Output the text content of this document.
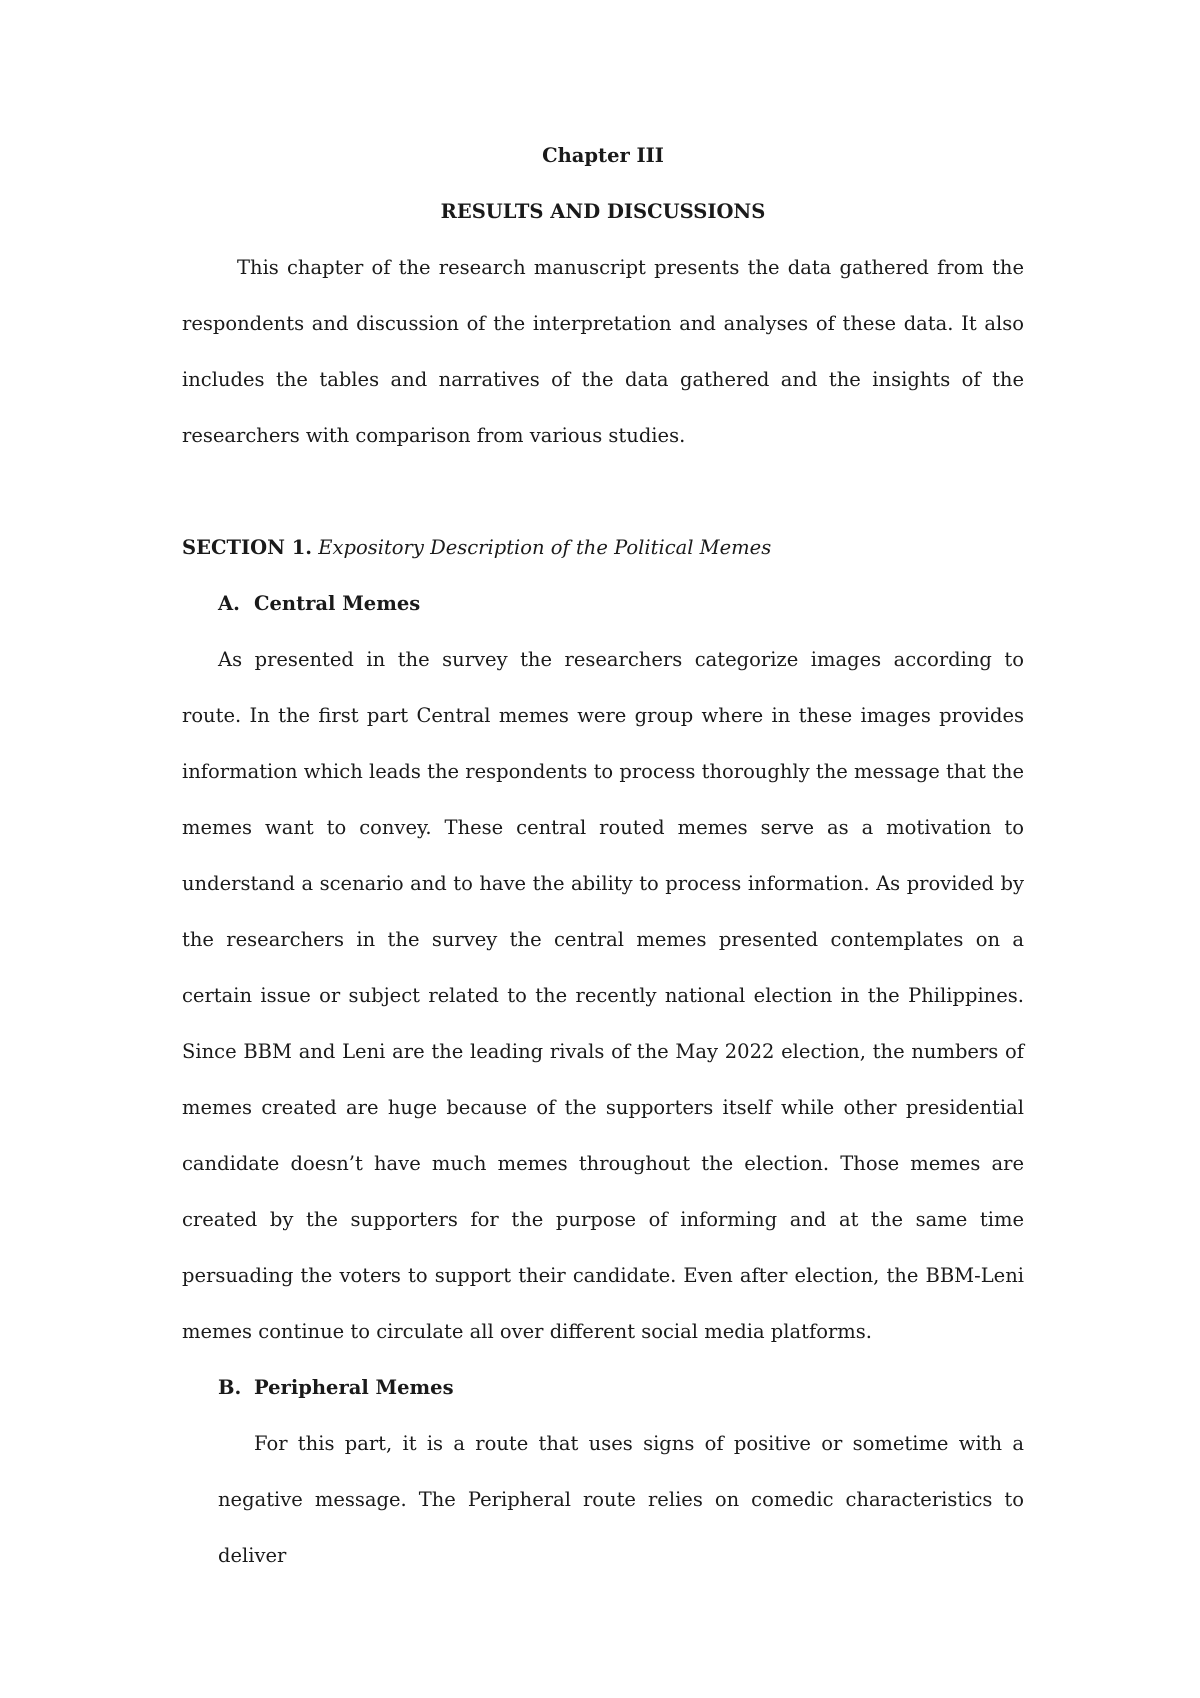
Chapter III

RESULTS AND DISCUSSIONS

This chapter of the research manuscript presents the data gathered from the respondents and discussion of the interpretation and analyses of these data. It also includes the tables and narratives of the data gathered and the insights of the researchers with comparison from various studies.

SECTION 1. Expository Description of the Political Memes

A. Central Memes

As presented in the survey the researchers categorize images according to route. In the first part Central memes were group where in these images provides information which leads the respondents to process thoroughly the message that the memes want to convey. These central routed memes serve as a motivation to understand a scenario and to have the ability to process information. As provided by the researchers in the survey the central memes presented contemplates on a certain issue or subject related to the recently national election in the Philippines. Since BBM and Leni are the leading rivals of the May 2022 election, the numbers of memes created are huge because of the supporters itself while other presidential candidate doesn’t have much memes throughout the election. Those memes are created by the supporters for the purpose of informing and at the same time persuading the voters to support their candidate. Even after election, the BBM-Leni memes continue to circulate all over different social media platforms.

B. Peripheral Memes

For this part, it is a route that uses signs of positive or sometime with a negative message. The Peripheral route relies on comedic characteristics to deliver
